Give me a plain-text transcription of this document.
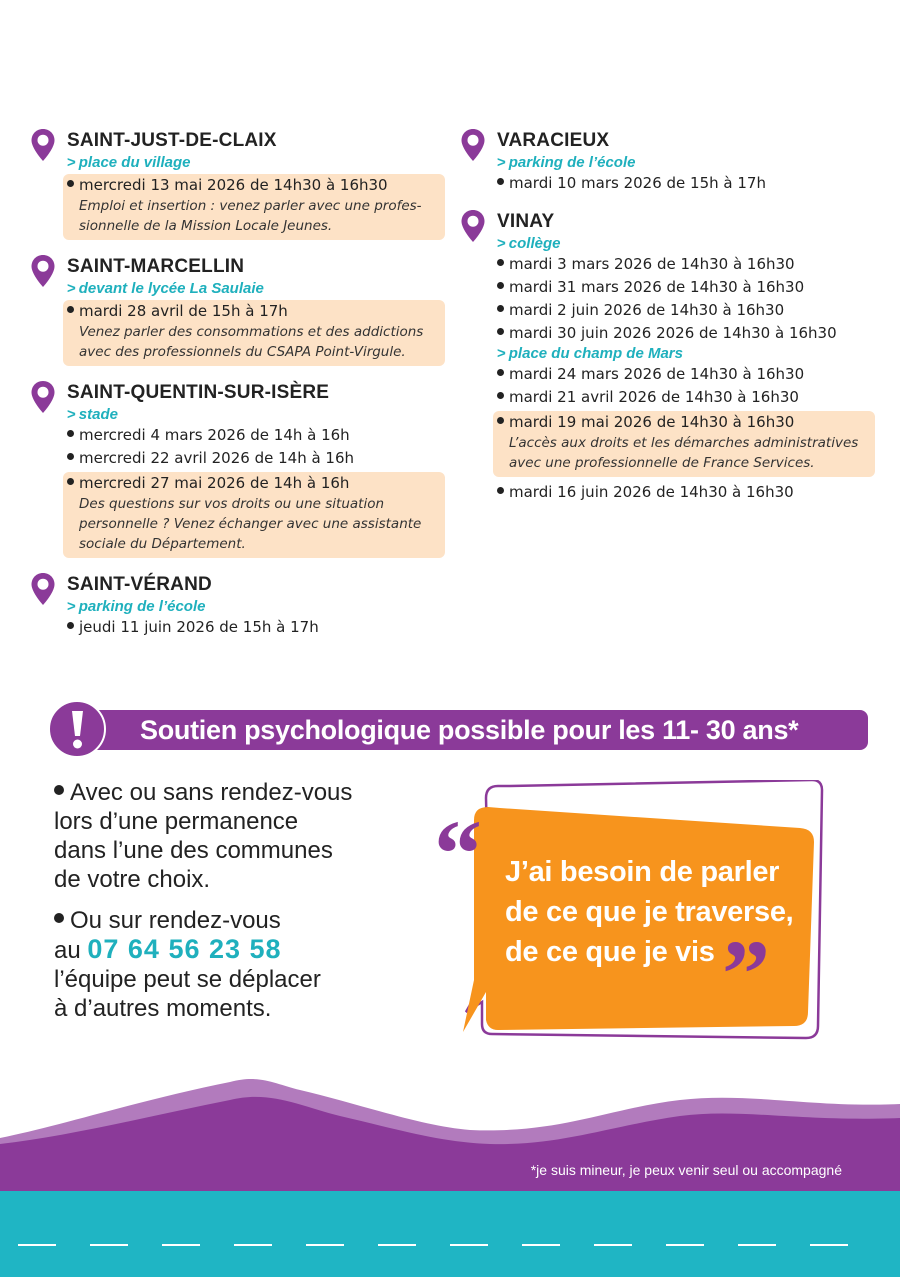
SAINT-JUST-DE-CLAIX
> place du village
mercredi 13 mai 2026 de 14h30 à 16h30
Emploi et insertion : venez parler avec une profes-
sionnelle de la Mission Locale Jeunes.
SAINT-MARCELLIN
> devant le lycée La Saulaie
mardi 28 avril de 15h à 17h
Venez parler des consommations et des addictions
avec des professionnels du CSAPA Point-Virgule.
SAINT-QUENTIN-SUR-ISÈRE
> stade
mercredi 4 mars 2026 de 14h à 16h
mercredi 22 avril 2026 de 14h à 16h
mercredi 27 mai 2026 de 14h à 16h
Des questions sur vos droits ou une situation
personnelle ? Venez échanger avec une assistante
sociale du Département.
SAINT-VÉRAND
> parking de l’école
jeudi 11 juin 2026 de 15h à 17h
VARACIEUX
> parking de l’école
mardi 10 mars 2026 de 15h à 17h
VINAY
> collège
mardi 3 mars 2026 de 14h30 à 16h30
mardi 31 mars 2026 de 14h30 à 16h30
mardi 2 juin 2026 de 14h30 à 16h30
mardi 30 juin 2026 2026 de 14h30 à 16h30
> place du champ de Mars
mardi 24 mars 2026 de 14h30 à 16h30
mardi 21 avril 2026 de 14h30 à 16h30
mardi 19 mai 2026 de 14h30 à 16h30
L’accès aux droits et les démarches administratives
avec une professionnelle de France Services.
mardi 16 juin 2026 de 14h30 à 16h30
Soutien psychologique possible pour les 11- 30 ans*
Avec ou sans rendez-vous
lors d’une permanence
dans l’une des communes
de votre choix.
Ou sur rendez-vous
au 07 64 56 23 58
l’équipe peut se déplacer
à d’autres moments.
“
”
J’ai besoin de parler
de ce que je traverse,
de ce que je vis
*je suis mineur, je peux venir seul ou accompagné
